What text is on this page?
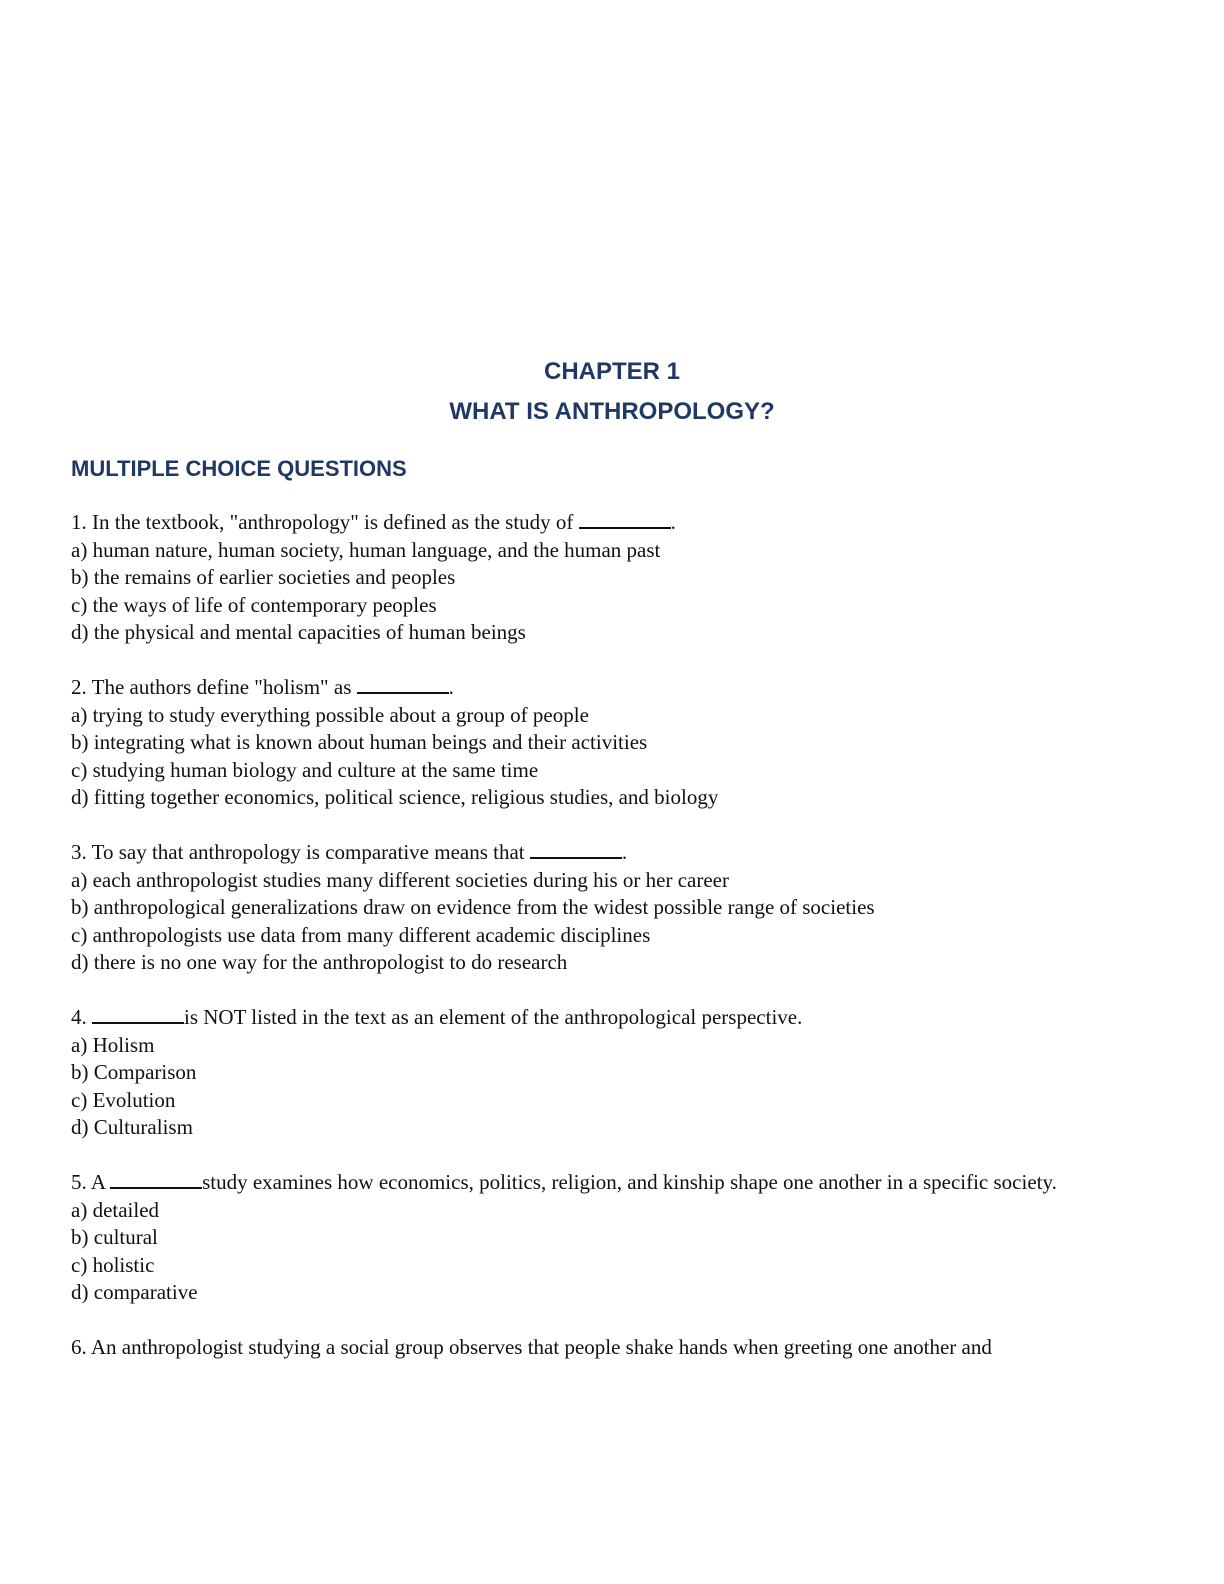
CHAPTER 1
WHAT IS ANTHROPOLOGY?
MULTIPLE CHOICE QUESTIONS
1. In the textbook, "anthropology" is defined as the study of	.
a) human nature, human society, human language, and the human past
b) the remains of earlier societies and peoples
c) the ways of life of contemporary peoples
d) the physical and mental capacities of human beings
2. The authors define "holism" as	.
a) trying to study everything possible about a group of people
b) integrating what is known about human beings and their activities
c) studying human biology and culture at the same time
d) fitting together economics, political science, religious studies, and biology
3. To say that anthropology is comparative means that	.
a) each anthropologist studies many different societies during his or her career
b) anthropological generalizations draw on evidence from the widest possible range of societies
c) anthropologists use data from many different academic disciplines
d) there is no one way for the anthropologist to do research
4.	is NOT listed in the text as an element of the anthropological perspective.
a) Holism
b) Comparison
c) Evolution
d) Culturalism
5. A	study examines how economics, politics, religion, and kinship shape one another in a specific society.
a) detailed
b) cultural
c) holistic
d) comparative
6. An anthropologist studying a social group observes that people shake hands when greeting one another and
